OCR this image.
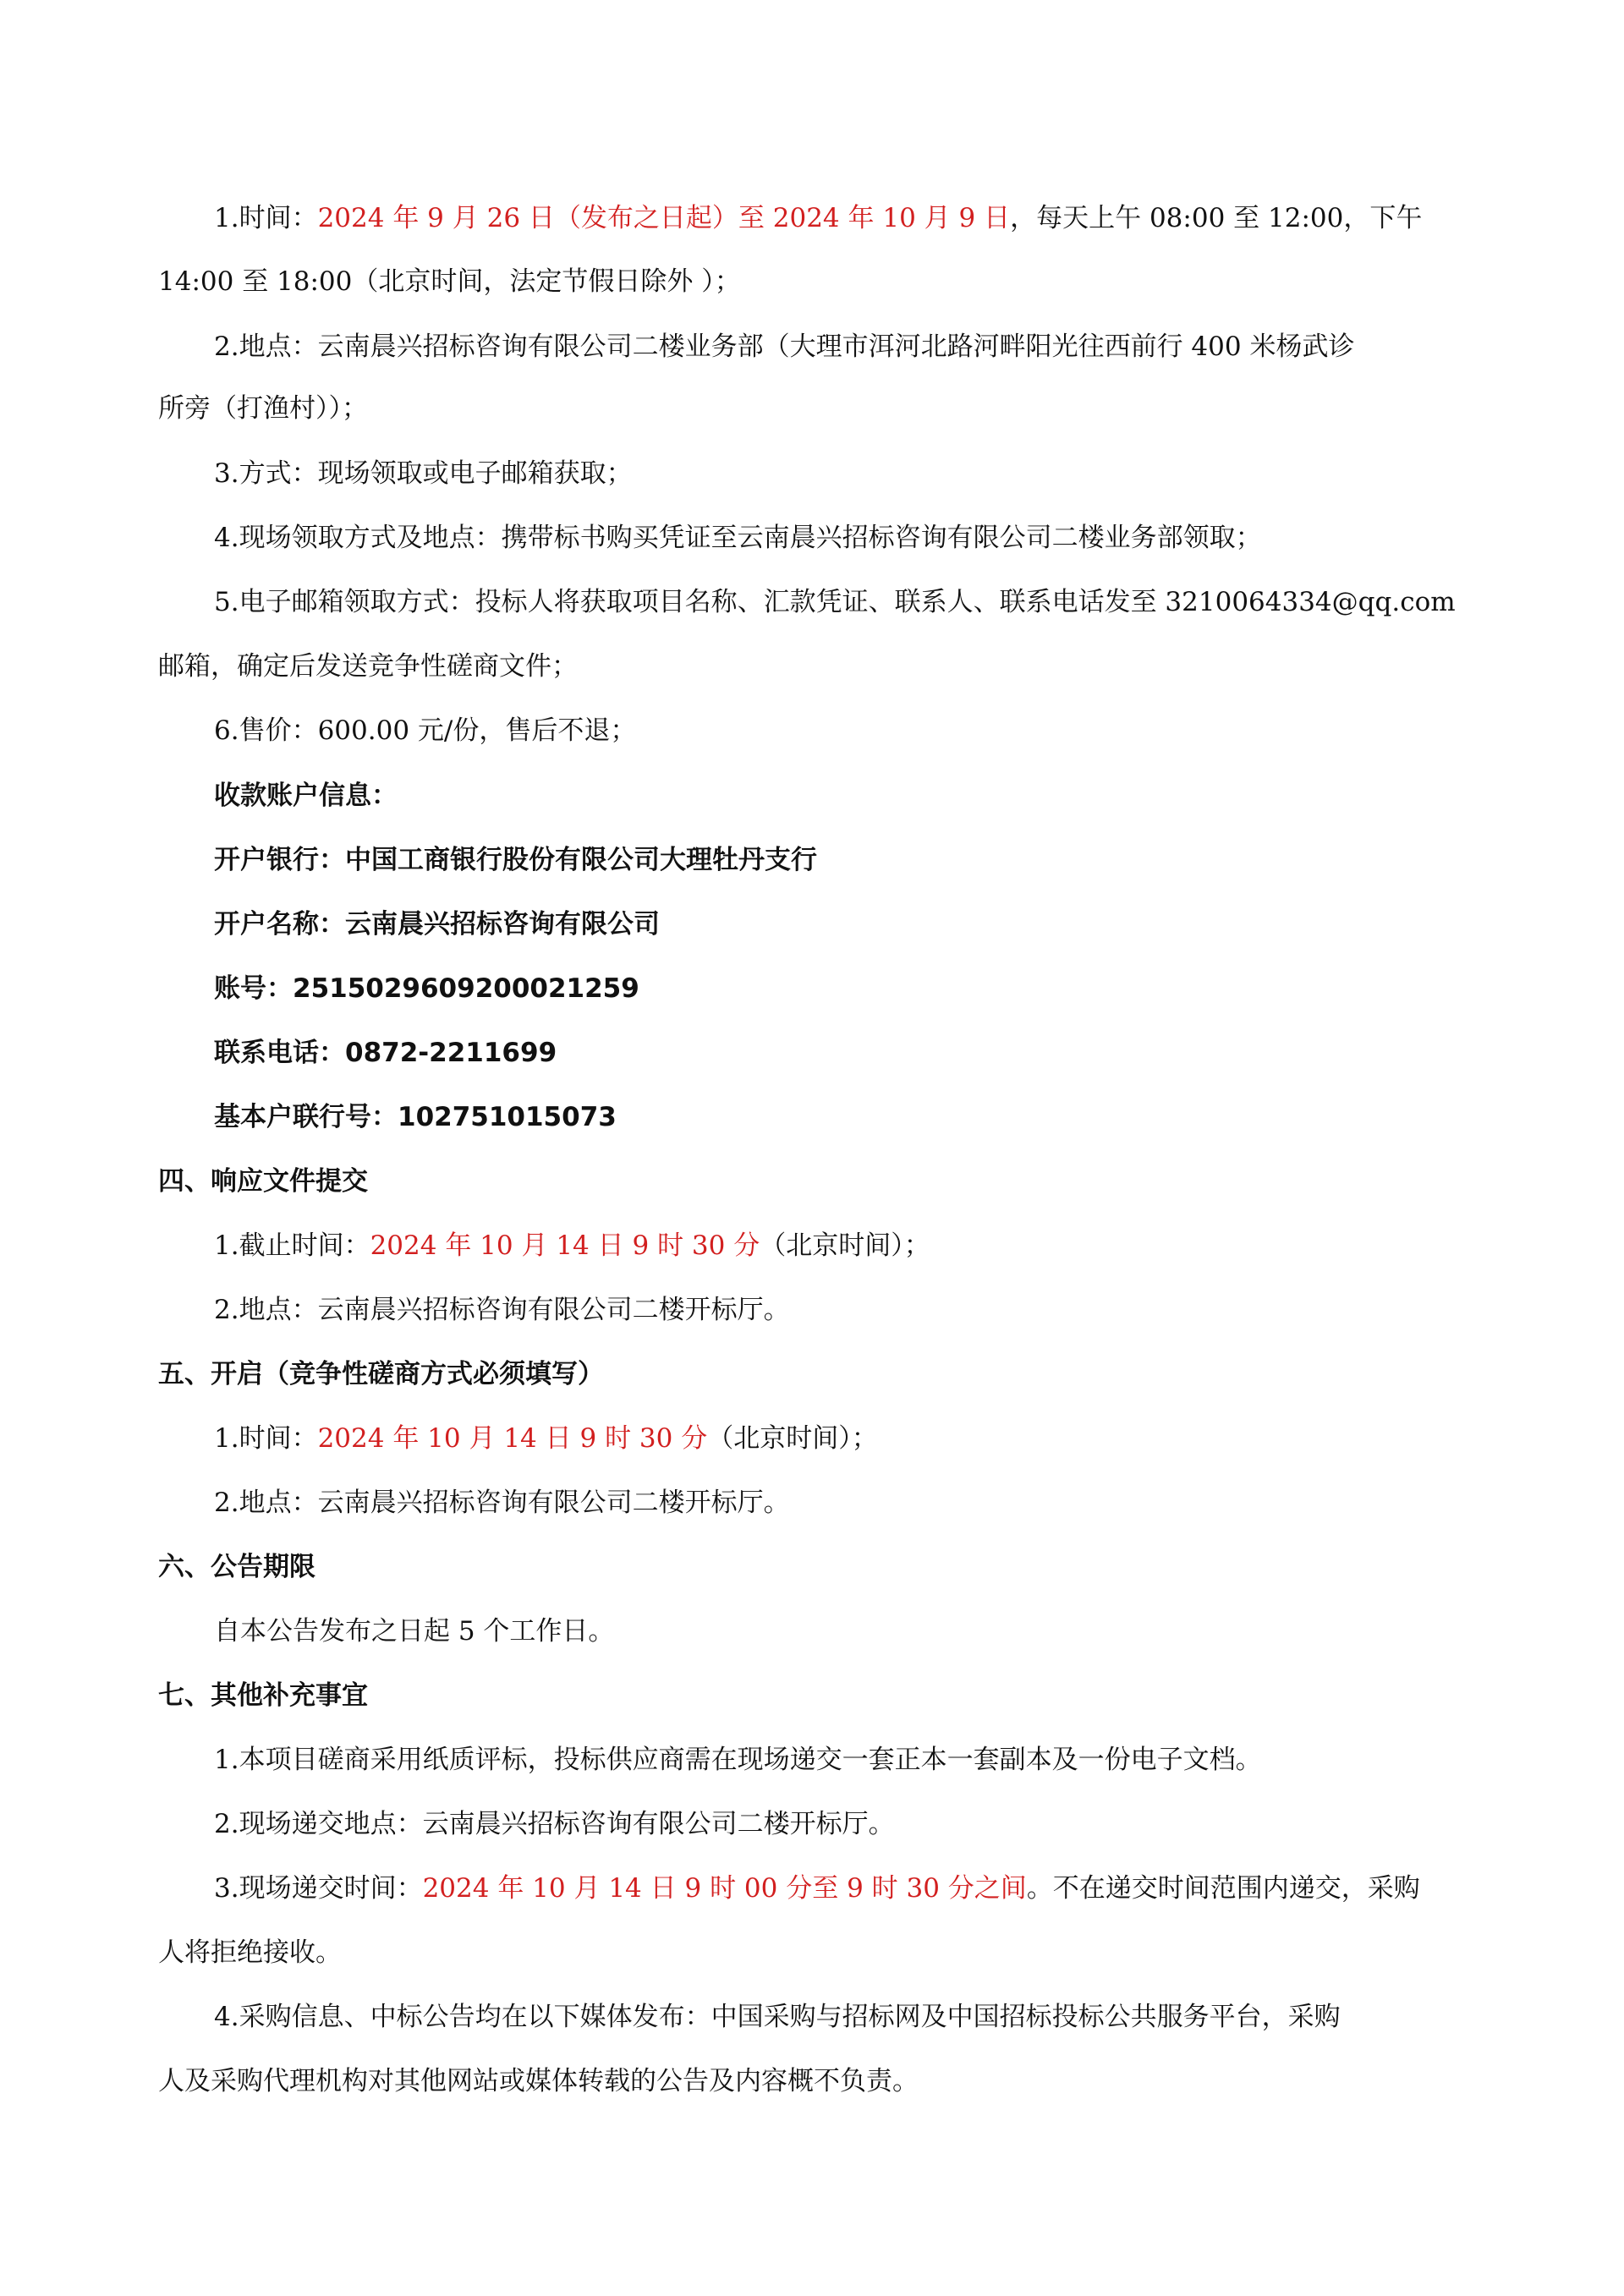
1.时间：2024 年 9 月 26 日（发布之日起）至 2024 年 10 月 9 日，每天上午 08:00 至 12:00，下午
14:00 至 18:00（北京时间，法定节假日除外 ）；
2.地点：云南晨兴招标咨询有限公司二楼业务部（大理市洱河北路河畔阳光往西前行 400 米杨武诊
所旁（打渔村））；
3.方式：现场领取或电子邮箱获取；
4.现场领取方式及地点：携带标书购买凭证至云南晨兴招标咨询有限公司二楼业务部领取；
5.电子邮箱领取方式：投标人将获取项目名称、汇款凭证、联系人、联系电话发至 3210064334@qq.com
邮箱，确定后发送竞争性磋商文件；
6.售价：600.00 元/份，售后不退；
收款账户信息：
开户银行：中国工商银行股份有限公司大理牡丹支行
开户名称：云南晨兴招标咨询有限公司
账号：2515029609200021259
联系电话：0872-2211699
基本户联行号：102751015073
四、响应文件提交
1.截止时间：2024 年 10 月 14 日 9 时 30 分（北京时间）；
2.地点：云南晨兴招标咨询有限公司二楼开标厅。
五、开启（竞争性磋商方式必须填写）
1.时间：2024 年 10 月 14 日 9 时 30 分（北京时间）；
2.地点：云南晨兴招标咨询有限公司二楼开标厅。
六、公告期限
自本公告发布之日起 5 个工作日。
七、其他补充事宜
1.本项目磋商采用纸质评标，投标供应商需在现场递交一套正本一套副本及一份电子文档。
2.现场递交地点：云南晨兴招标咨询有限公司二楼开标厅。
3.现场递交时间：2024 年 10 月 14 日 9 时 00 分至 9 时 30 分之间。不在递交时间范围内递交，采购
人将拒绝接收。
4.采购信息、中标公告均在以下媒体发布：中国采购与招标网及中国招标投标公共服务平台，采购
人及采购代理机构对其他网站或媒体转载的公告及内容概不负责。
